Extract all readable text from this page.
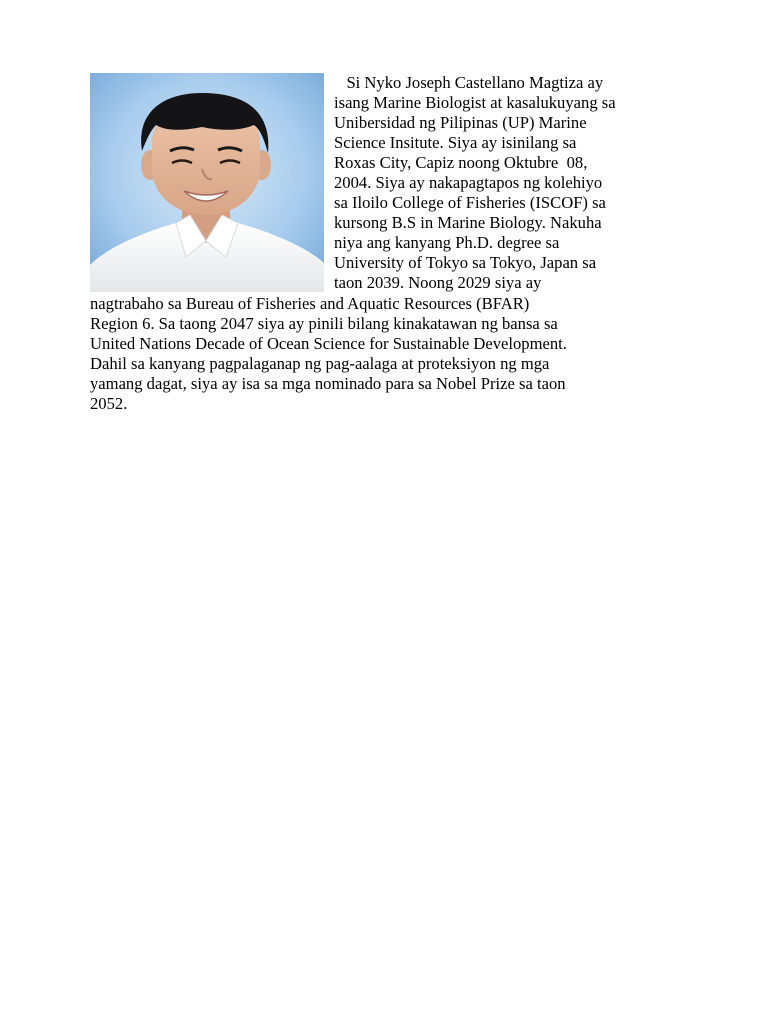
Si Nyko Joseph Castellano Magtiza ay

isang Marine Biologist at kasalukuyang sa

Unibersidad ng Pilipinas (UP) Marine

Science Insitute. Siya ay isinilang sa

Roxas City, Capiz noong Oktubre  08,

2004. Siya ay nakapagtapos ng kolehiyo

sa Iloilo College of Fisheries (ISCOF) sa

kursong B.S in Marine Biology. Nakuha

niya ang kanyang Ph.D. degree sa

University of Tokyo sa Tokyo, Japan sa

taon 2039. Noong 2029 siya ay

nagtrabaho sa Bureau of Fisheries and Aquatic Resources (BFAR)

Region 6. Sa taong 2047 siya ay pinili bilang kinakatawan ng bansa sa

United Nations Decade of Ocean Science for Sustainable Development.

Dahil sa kanyang pagpalaganap ng pag-aalaga at proteksiyon ng mga

yamang dagat, siya ay isa sa mga nominado para sa Nobel Prize sa taon

2052.
